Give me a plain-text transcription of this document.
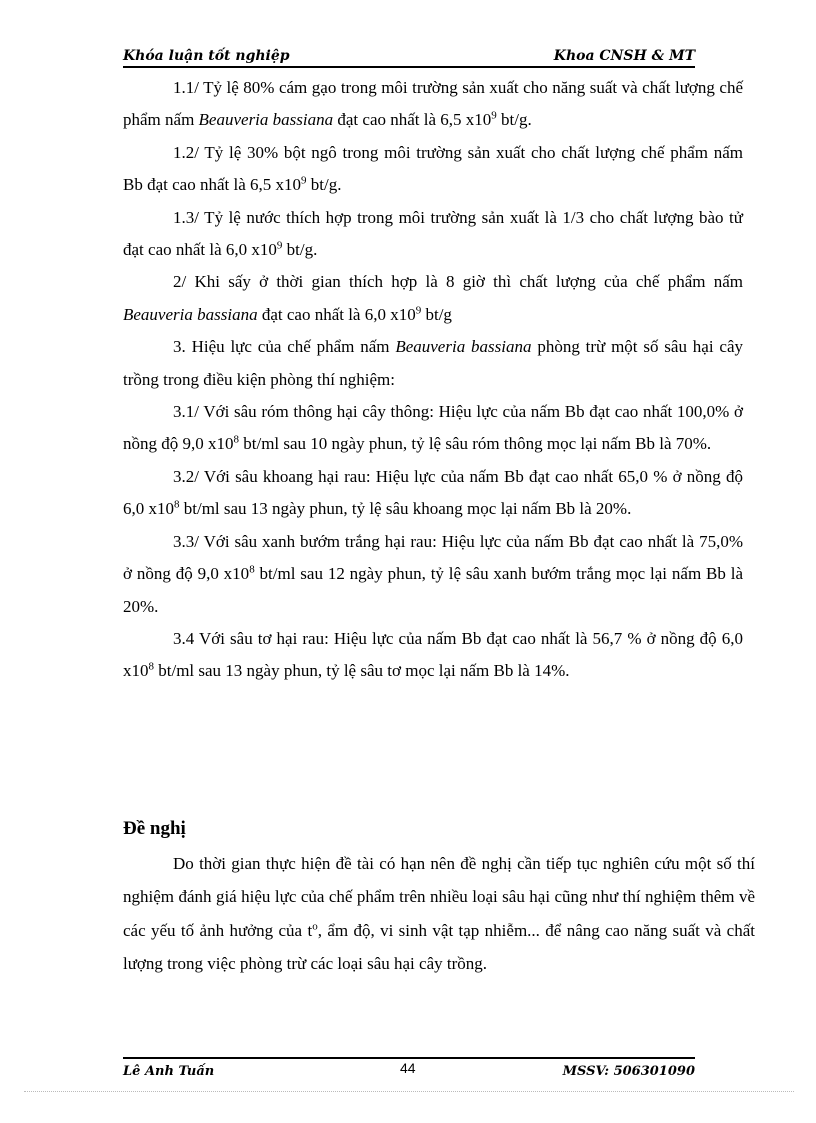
Khóa luận tốt nghiệp	Khoa CNSH & MT

1.1/ Tỷ lệ 80% cám gạo trong môi trường sản xuất cho năng suất và chất lượng chế phẩm nấm Beauveria bassiana đạt cao nhất là 6,5 $x10^9$ bt/g.

1.2/ Tỷ lệ 30% bột ngô trong môi trường sản xuất cho chất lượng chế phẩm nấm Bb đạt cao nhất là 6,5 $x10^9$ bt/g.

1.3/ Tỷ lệ nước thích hợp trong môi trường sản xuất là 1/3 cho chất lượng bào tử đạt cao nhất là 6,0 $x10^9$ bt/g.

2/ Khi sấy ở thời gian thích hợp là 8 giờ thì chất lượng của chế phẩm nấm Beauveria bassiana đạt cao nhất là 6,0 $x10^9$ bt/g

3. Hiệu lực của chế phẩm nấm Beauveria bassiana phòng trừ một số sâu hại cây trồng trong điều kiện phòng thí nghiệm:

3.1/ Với sâu róm thông hại cây thông: Hiệu lực của nấm Bb đạt cao nhất 100,0% ở nồng độ 9,0 $x10^8$ bt/ml sau 10 ngày phun, tỷ lệ sâu róm thông mọc lại nấm Bb là 70%.

3.2/ Với sâu khoang hại rau: Hiệu lực của nấm Bb đạt cao nhất 65,0 % ở nồng độ 6,0 $x10^8$ bt/ml sau 13 ngày phun, tỷ lệ sâu khoang mọc lại nấm Bb là 20%.

3.3/ Với sâu xanh bướm trắng hại rau: Hiệu lực của nấm Bb đạt cao nhất là 75,0% ở nồng độ 9,0 $x10^8$ bt/ml sau 12 ngày phun, tỷ lệ sâu xanh bướm trắng mọc lại nấm Bb là 20%.

3.4 Với sâu tơ hại rau: Hiệu lực của nấm Bb đạt cao nhất là 56,7 % ở nồng độ 6,0 $x10^8$ bt/ml sau 13 ngày phun, tỷ lệ sâu tơ mọc lại nấm Bb là 14%.

Đề nghị

Do thời gian thực hiện đề tài có hạn nên đề nghị cần tiếp tục nghiên cứu một số thí nghiệm đánh giá hiệu lực của chế phẩm trên nhiều loại sâu hại cũng như thí nghiệm thêm về các yếu tố ảnh hưởng của $t^o$, ẩm độ, vi sinh vật tạp nhiễm... để nâng cao năng suất và chất lượng trong việc phòng trừ các loại sâu hại cây trồng.

Lê Anh Tuấn	44	MSSV: 506301090
